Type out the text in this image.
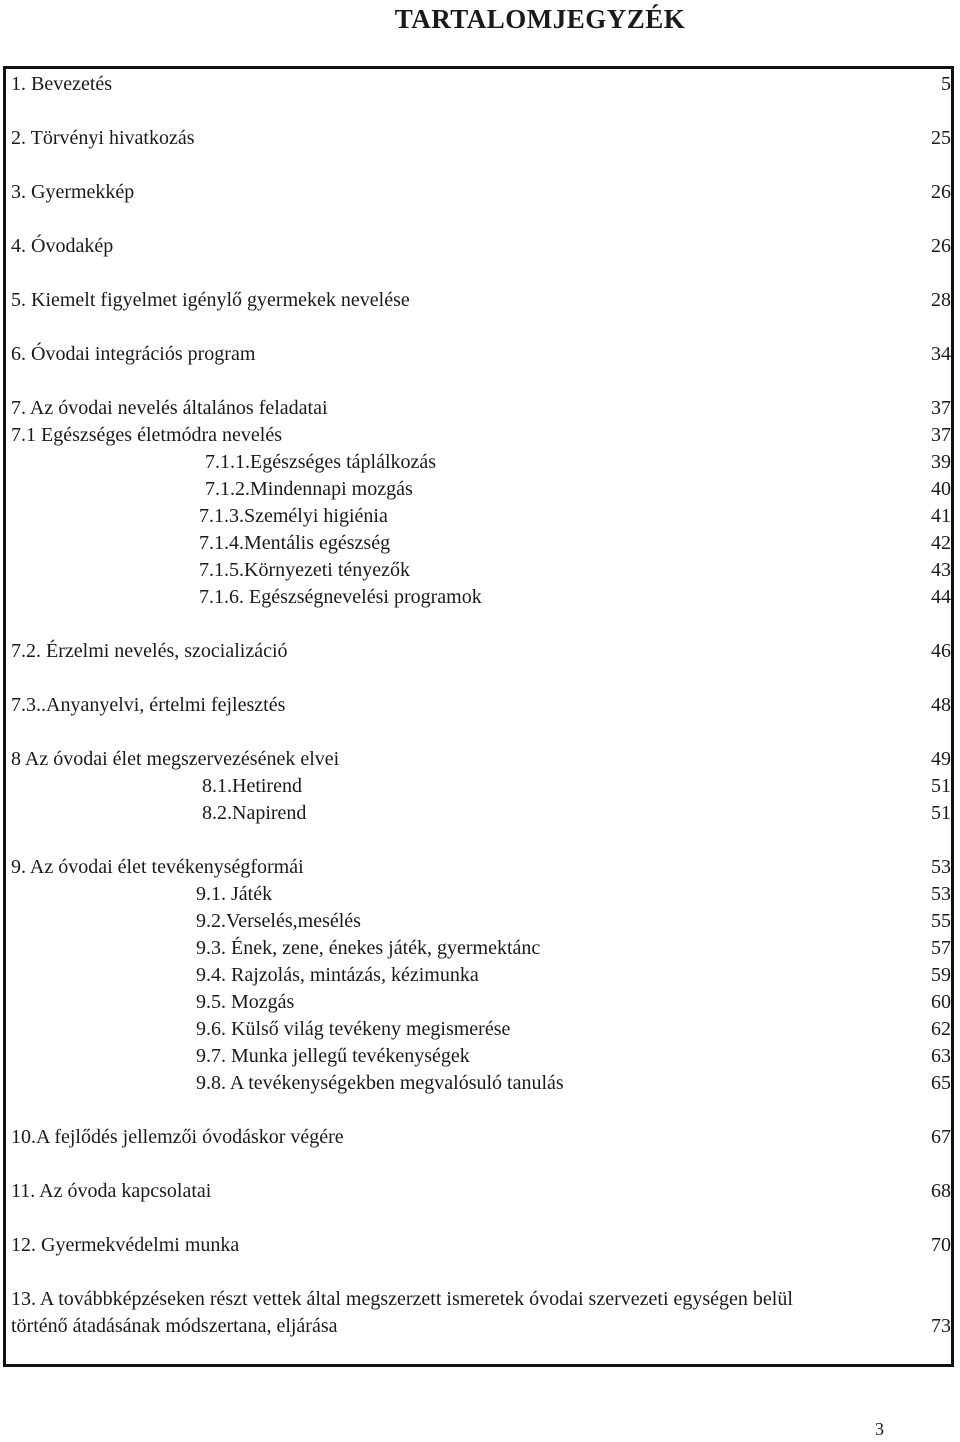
TARTALOMJEGYZÉK
1. Bevezetés	5
2. Törvényi hivatkozás	25
3. Gyermekkép	26
4. Óvodakép	26
5. Kiemelt figyelmet igénylő gyermekek nevelése	28
6. Óvodai integrációs program	34
7. Az óvodai nevelés általános feladatai	37
7.1 Egészséges életmódra nevelés	37
7.1.1.Egészséges táplálkozás	39
7.1.2.Mindennapi mozgás	40
7.1.3.Személyi higiénia	41
7.1.4.Mentális egészség	42
7.1.5.Környezeti tényezők	43
7.1.6. Egészségnevelési programok	44
7.2. Érzelmi nevelés, szocializáció	46
7.3..Anyanyelvi, értelmi fejlesztés	48
8 Az óvodai élet megszervezésének elvei	49
8.1.Hetirend	51
8.2.Napirend	51
9. Az óvodai élet tevékenységformái	53
9.1. Játék	53
9.2.Verselés,mesélés	55
9.3. Ének, zene, énekes játék, gyermektánc	57
9.4. Rajzolás, mintázás, kézimunka	59
9.5. Mozgás	60
9.6. Külső világ tevékeny megismerése	62
9.7. Munka jellegű tevékenységek	63
9.8. A tevékenységekben megvalósuló tanulás	65
10.A fejlődés jellemzői óvodáskor végére	67
11. Az óvoda kapcsolatai	68
12. Gyermekvédelmi munka	70
13. A továbbképzéseken részt vettek által megszerzett ismeretek óvodai szervezeti egységen belül
történő átadásának módszertana, eljárása	73
3
